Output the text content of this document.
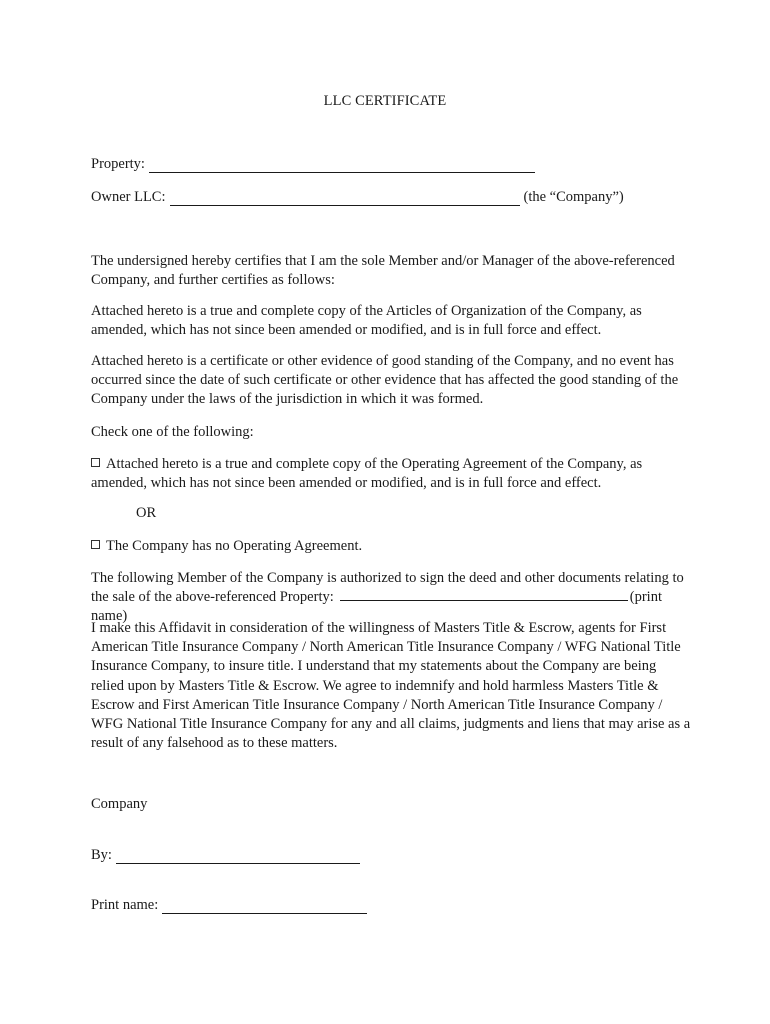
LLC CERTIFICATE
Property:
Owner LLC:	(the “Company”)

The undersigned hereby certifies that I am the sole Member and/or Manager of the above-referenced Company, and further certifies as follows:

Attached hereto is a true and complete copy of the Articles of Organization of the Company, as amended, which has not since been amended or modified, and is in full force and effect.

Attached hereto is a certificate or other evidence of good standing of the Company, and no event has occurred since the date of such certificate or other evidence that has affected the good standing of the Company under the laws of the jurisdiction in which it was formed.

Check one of the following:

Attached hereto is a true and complete copy of the Operating Agreement of the Company, as amended, which has not since been amended or modified, and is in full force and effect.

OR

The Company has no Operating Agreement.

The following Member of the Company is authorized to sign the deed and other documents relating to the sale of the above-referenced Property:	(print name)

I make this Affidavit in consideration of the willingness of Masters Title & Escrow, agents for First American Title Insurance Company / North American Title Insurance Company / WFG National Title Insurance Company, to insure title. I understand that my statements about the Company are being relied upon by Masters Title & Escrow. We agree to indemnify and hold harmless Masters Title & Escrow and First American Title Insurance Company / North American Title Insurance Company / WFG National Title Insurance Company for any and all claims, judgments and liens that may arise as a result of any falsehood as to these matters.

Company
By:
Print name:
